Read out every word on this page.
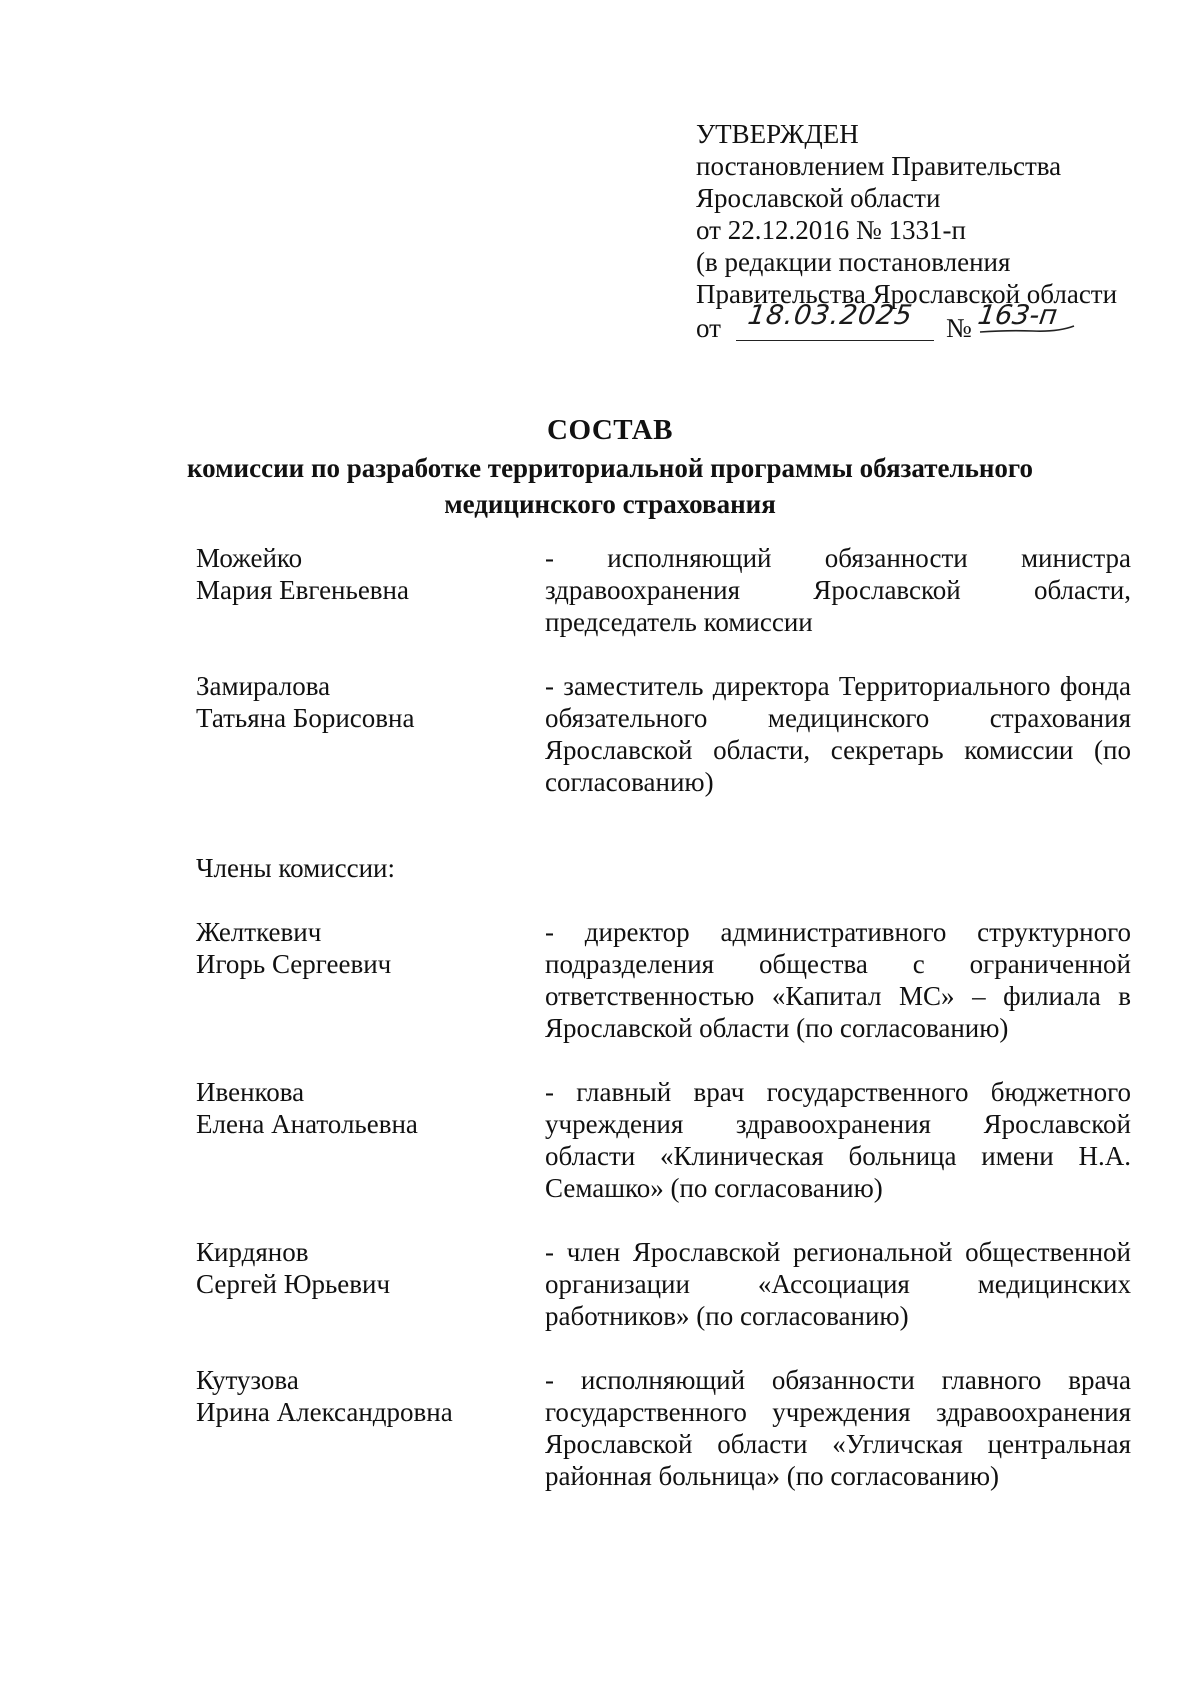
УТВЕРЖДЕН
постановлением Правительства
Ярославской области
от 22.12.2016 № 1331-п
(в редакции постановления
Правительства Ярославской области
от 18.03.2025 № 163-п
СОСТАВ
комиссии по разработке территориальной программы обязательного
медицинского страхования
Можейко
Мария Евгеньевна
- исполняющий обязанности министра здравоохранения Ярославской области, председатель комиссии
Замиралова
Татьяна Борисовна
- заместитель директора Территориального фонда обязательного медицинского страхования Ярославской области, секретарь комиссии (по согласованию)
Члены комиссии:
Желткевич
Игорь Сергеевич
- директор административного структурного подразделения общества с ограниченной ответственностью «Капитал МС» – филиала в Ярославской области (по согласованию)
Ивенкова
Елена Анатольевна
- главный врач государственного бюджетного учреждения здравоохранения Ярославской области «Клиническая больница имени Н.А. Семашко» (по согласованию)
Кирдянов
Сергей Юрьевич
- член Ярославской региональной общественной организации «Ассоциация медицинских работников» (по согласованию)
Кутузова
Ирина Александровна
- исполняющий обязанности главного врача государственного учреждения здравоохранения Ярославской области «Угличская центральная районная больница» (по согласованию)
